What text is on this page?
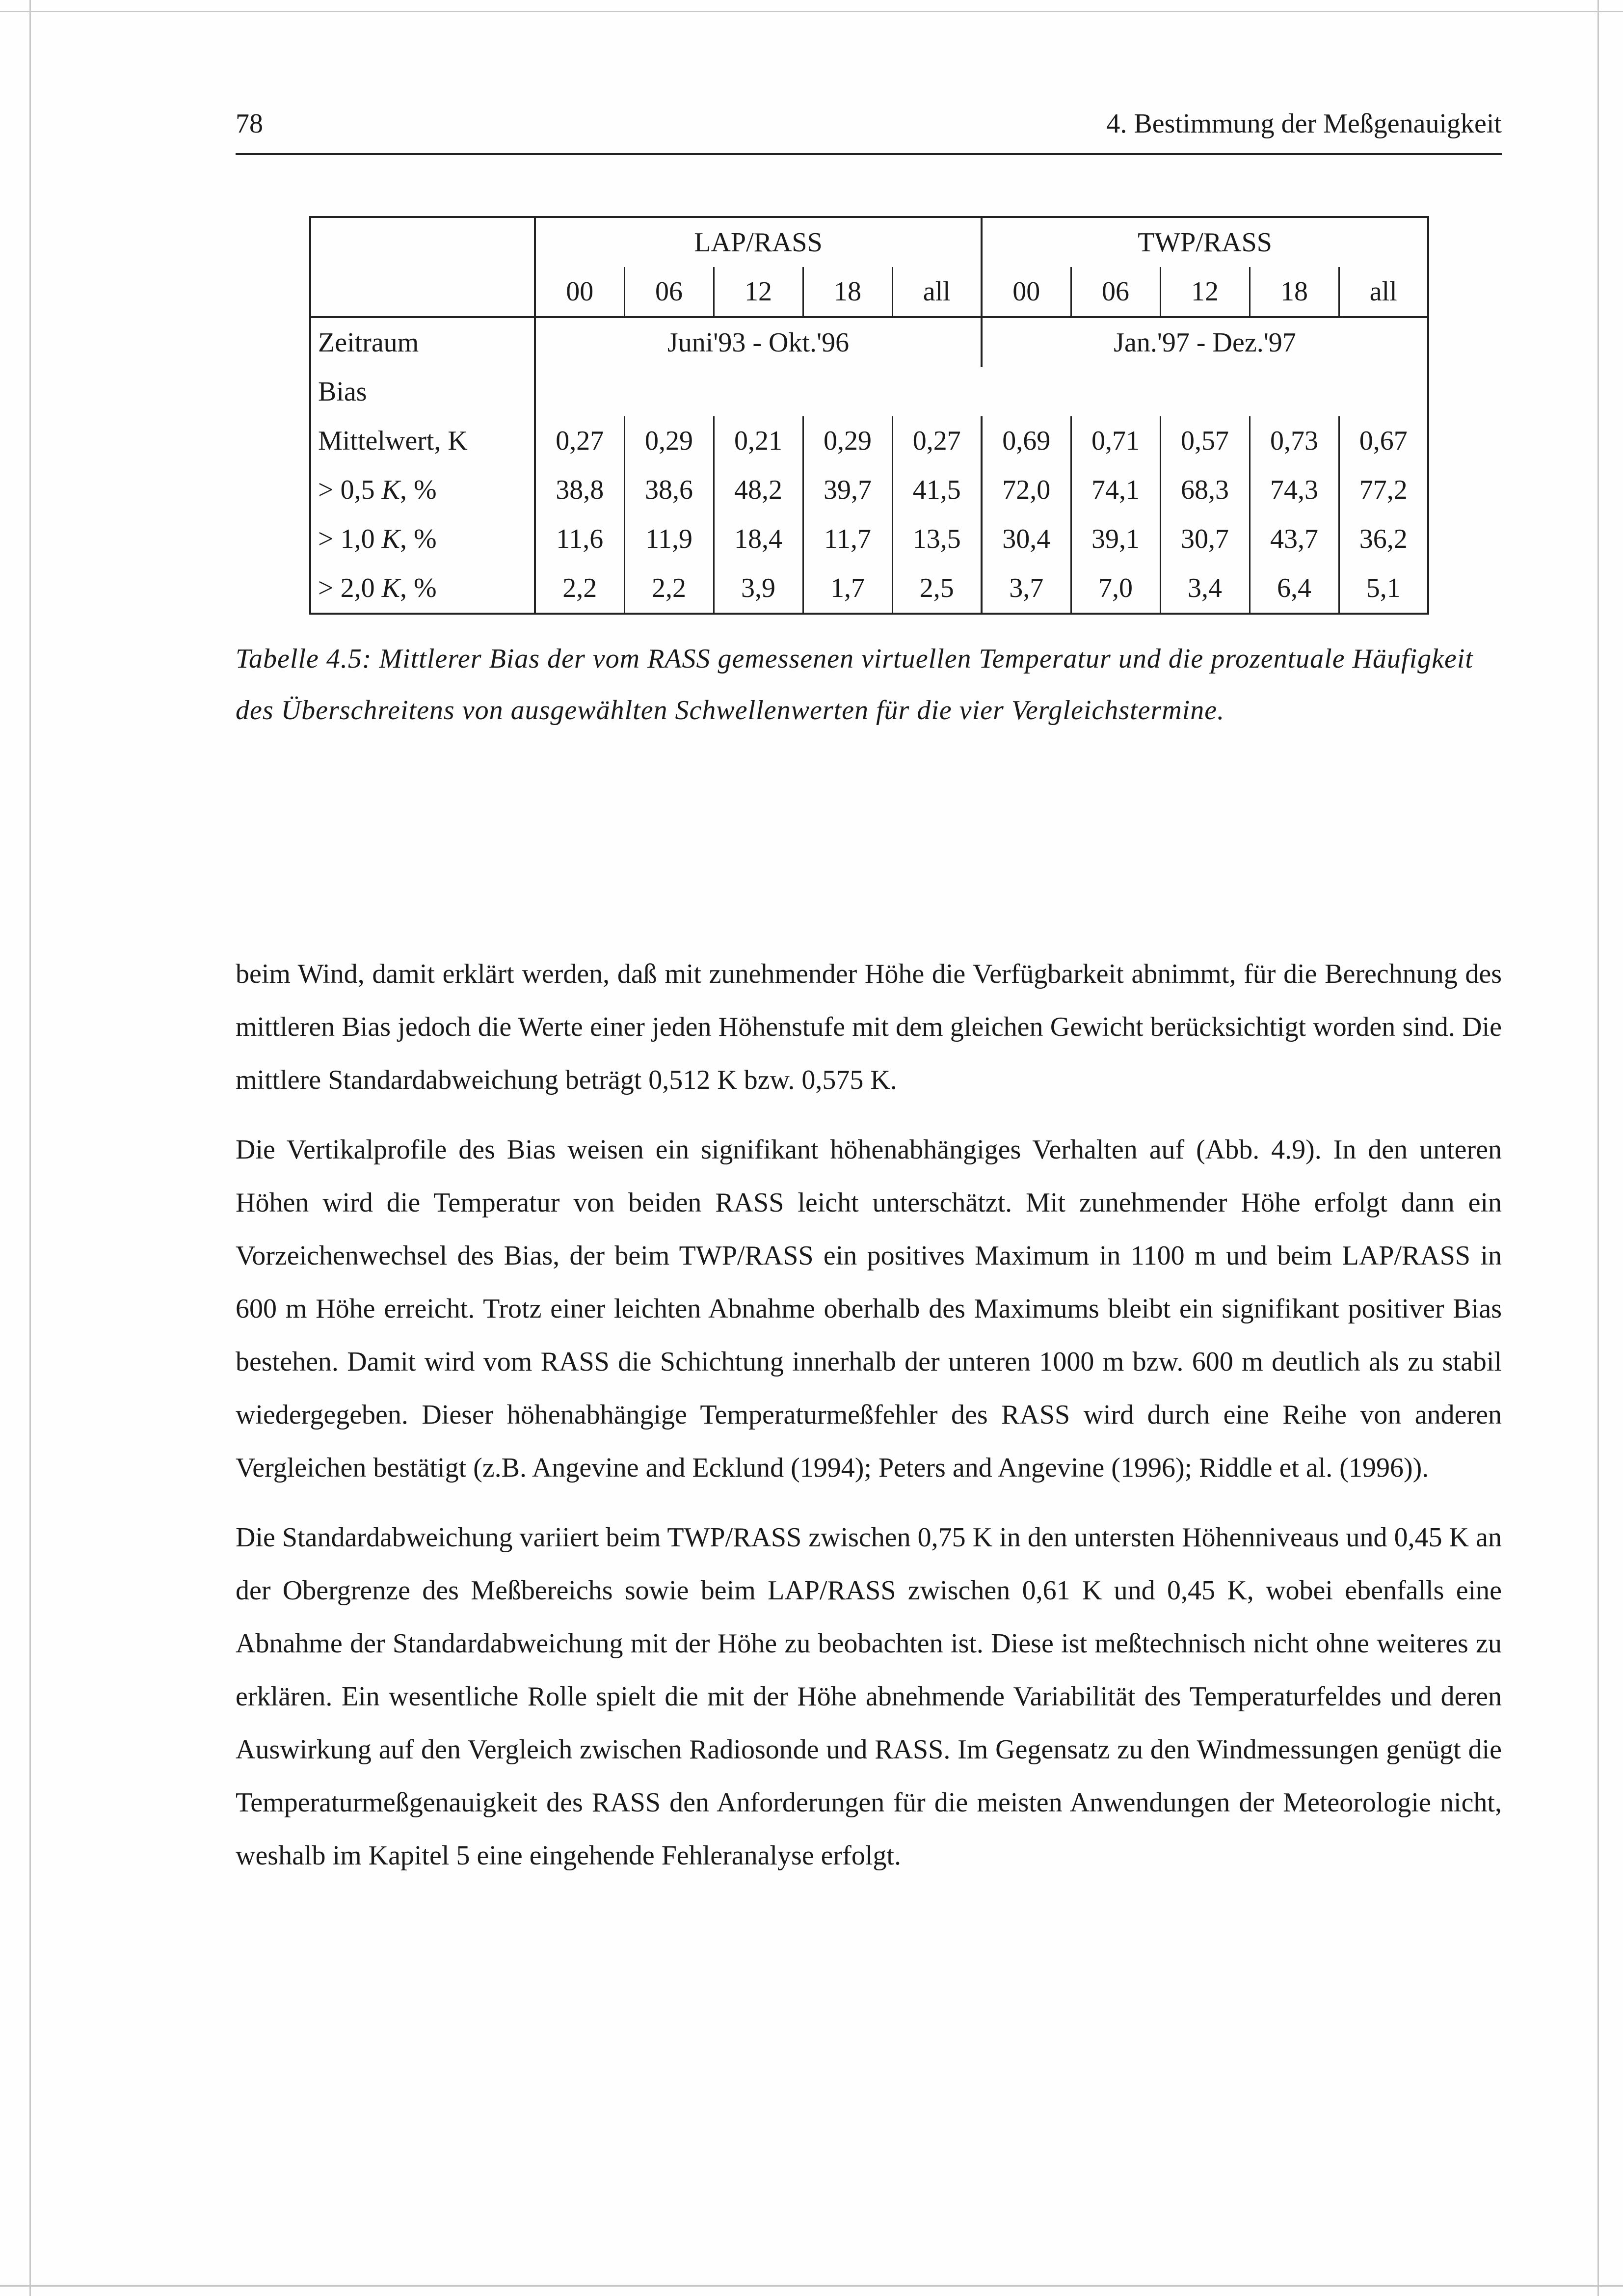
78	4. Bestimmung der Meßgenauigkeit
	LAP/RASS					TWP/RASS				
	00	06	12	18	all	00	06	12	18	all
Zeitraum	Juni'93 - Okt.'96					Jan.'97 - Dez.'97				
Bias										
Mittelwert, K	0,27	0,29	0,21	0,29	0,27	0,69	0,71	0,57	0,73	0,67
> 0,5 K, %	38,8	38,6	48,2	39,7	41,5	72,0	74,1	68,3	74,3	77,2
> 1,0 K, %	11,6	11,9	18,4	11,7	13,5	30,4	39,1	30,7	43,7	36,2
> 2,0 K, %	2,2	2,2	3,9	1,7	2,5	3,7	7,0	3,4	6,4	5,1
Tabelle 4.5: Mittlerer Bias der vom RASS gemessenen virtuellen Temperatur und die prozentuale Häufigkeit des Überschreitens von ausgewählten Schwellenwerten für die vier Vergleichstermine.

beim Wind, damit erklärt werden, daß mit zunehmender Höhe die Verfügbarkeit abnimmt, für die Berechnung des mittleren Bias jedoch die Werte einer jeden Höhenstufe mit dem gleichen Gewicht berücksichtigt worden sind. Die mittlere Standardabweichung beträgt 0,512 K bzw. 0,575 K.

Die Vertikalprofile des Bias weisen ein signifikant höhenabhängiges Verhalten auf (Abb. 4.9). In den unteren Höhen wird die Temperatur von beiden RASS leicht unterschätzt. Mit zunehmender Höhe erfolgt dann ein Vorzeichenwechsel des Bias, der beim TWP/RASS ein positives Maximum in 1100 m und beim LAP/RASS in 600 m Höhe erreicht. Trotz einer leichten Abnahme oberhalb des Maximums bleibt ein signifikant positiver Bias bestehen. Damit wird vom RASS die Schichtung innerhalb der unteren 1000 m bzw. 600 m deutlich als zu stabil wiedergegeben. Dieser höhenabhängige Temperaturmeßfehler des RASS wird durch eine Reihe von anderen Vergleichen bestätigt (z.B. Angevine and Ecklund (1994); Peters and Angevine (1996); Riddle et al. (1996)).

Die Standardabweichung variiert beim TWP/RASS zwischen 0,75 K in den untersten Höhenniveaus und 0,45 K an der Obergrenze des Meßbereichs sowie beim LAP/RASS zwischen 0,61 K und 0,45 K, wobei ebenfalls eine Abnahme der Standardabweichung mit der Höhe zu beobachten ist. Diese ist meßtechnisch nicht ohne weiteres zu erklären. Ein wesentliche Rolle spielt die mit der Höhe abnehmende Variabilität des Temperaturfeldes und deren Auswirkung auf den Vergleich zwischen Radiosonde und RASS. Im Gegensatz zu den Windmessungen genügt die Temperaturmeßgenauigkeit des RASS den Anforderungen für die meisten Anwendungen der Meteorologie nicht, weshalb im Kapitel 5 eine eingehende Fehleranalyse erfolgt.
